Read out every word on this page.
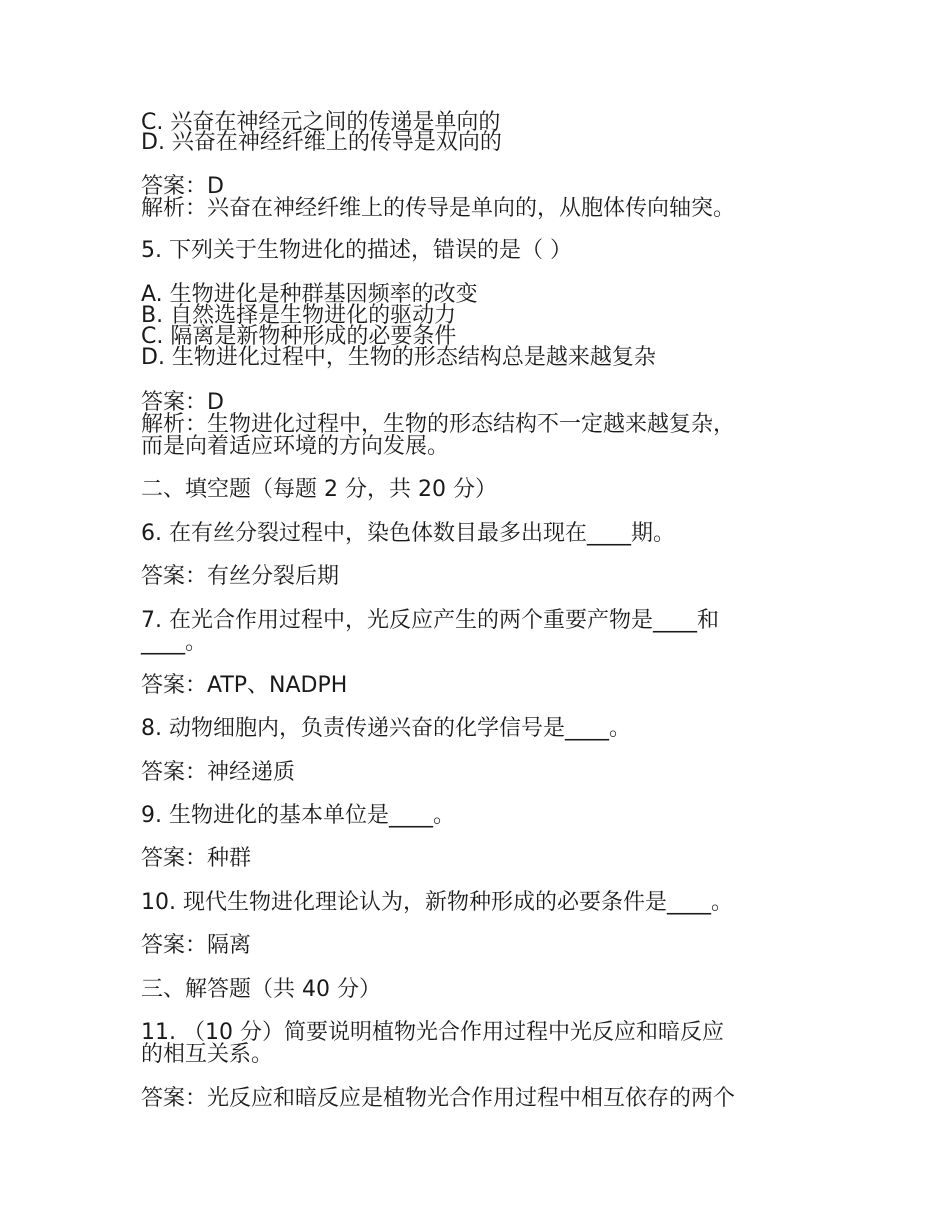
C. 兴奋在神经元之间的传递是单向的
D. 兴奋在神经纤维上的传导是双向的
答案：D
解析：兴奋在神经纤维上的传导是单向的，从胞体传向轴突。
5. 下列关于生物进化的描述，错误的是（ ）
A. 生物进化是种群基因频率的改变
B. 自然选择是生物进化的驱动力
C. 隔离是新物种形成的必要条件
D. 生物进化过程中，生物的形态结构总是越来越复杂
答案：D
解析：生物进化过程中，生物的形态结构不一定越来越复杂，
而是向着适应环境的方向发展。
二、填空题（每题 2 分，共 20 分）
6. 在有丝分裂过程中，染色体数目最多出现在____期。
答案：有丝分裂后期
7. 在光合作用过程中，光反应产生的两个重要产物是____和
____。
答案：ATP、NADPH
8. 动物细胞内，负责传递兴奋的化学信号是____。
答案：神经递质
9. 生物进化的基本单位是____。
答案：种群
10. 现代生物进化理论认为，新物种形成的必要条件是____。
答案：隔离
三、解答题（共 40 分）
11. （10 分）简要说明植物光合作用过程中光反应和暗反应
的相互关系。
答案：光反应和暗反应是植物光合作用过程中相互依存的两个
